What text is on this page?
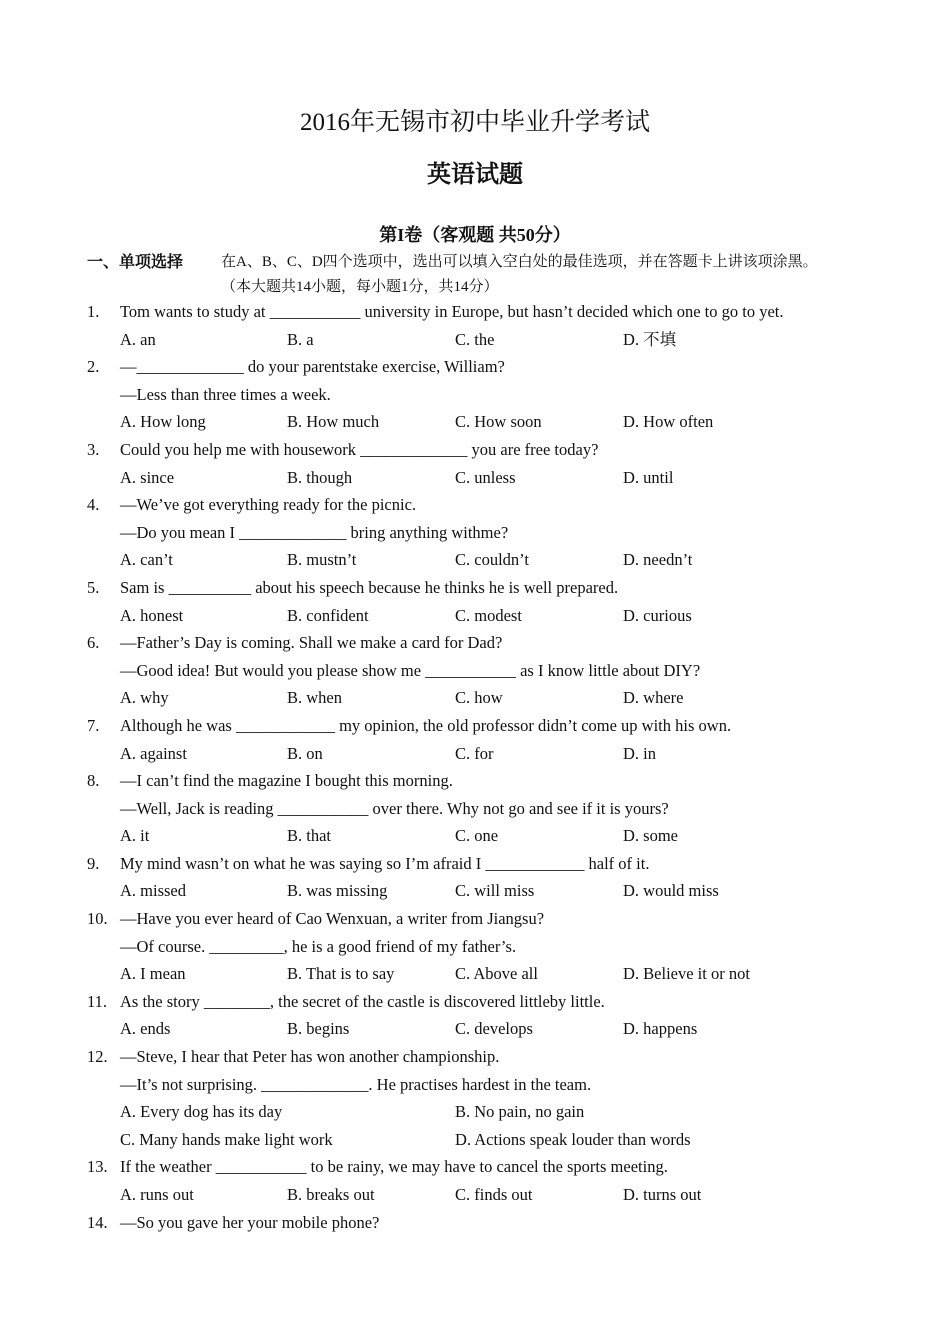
2016年无锡市初中毕业升学考试
英语试题
第I卷（客观题 共50分）
一、单项选择	在A、B、C、D四个选项中，选出可以填入空白处的最佳选项，并在答题卡上讲该项涂黑。
（本大题共14小题，每小题1分，共14分）
1. Tom wants to study at ___________ university in Europe, but hasn’t decided which one to go to yet.
A. an	B. a	C. the	D. 不填
2. —_____________ do your parentstake exercise, William?
—Less than three times a week.
A. How long	B. How much	C. How soon	D. How often
3. Could you help me with housework _____________ you are free today?
A. since	B. though	C. unless	D. until
4. —We’ve got everything ready for the picnic.
—Do you mean I _____________ bring anything withme?
A. can’t	B. mustn’t	C. couldn’t	D. needn’t
5. Sam is __________ about his speech because he thinks he is well prepared.
A. honest	B. confident	C. modest	D. curious
6. —Father’s Day is coming. Shall we make a card for Dad?
—Good idea! But would you please show me ___________ as I know little about DIY?
A. why	B. when	C. how	D. where
7. Although he was ____________ my opinion, the old professor didn’t come up with his own.
A. against	B. on	C. for	D. in
8. —I can’t find the magazine I bought this morning.
—Well, Jack is reading ___________ over there. Why not go and see if it is yours?
A. it	B. that	C. one	D. some
9. My mind wasn’t on what he was saying so I’m afraid I ____________ half of it.
A. missed	B. was missing	C. will miss	D. would miss
10. —Have you ever heard of Cao Wenxuan, a writer from Jiangsu?
—Of course. _________, he is a good friend of my father’s.
A. I mean	B. That is to say	C. Above all	D. Believe it or not
11. As the story ________, the secret of the castle is discovered littleby little.
A. ends	B. begins	C. develops	D. happens
12. —Steve, I hear that Peter has won another championship.
—It’s not surprising. _____________. He practises hardest in the team.
A. Every dog has its day	B. No pain, no gain
C. Many hands make light work	D. Actions speak louder than words
13. If the weather ___________ to be rainy, we may have to cancel the sports meeting.
A. runs out	B. breaks out	C. finds out	D. turns out
14. —So you gave her your mobile phone?
